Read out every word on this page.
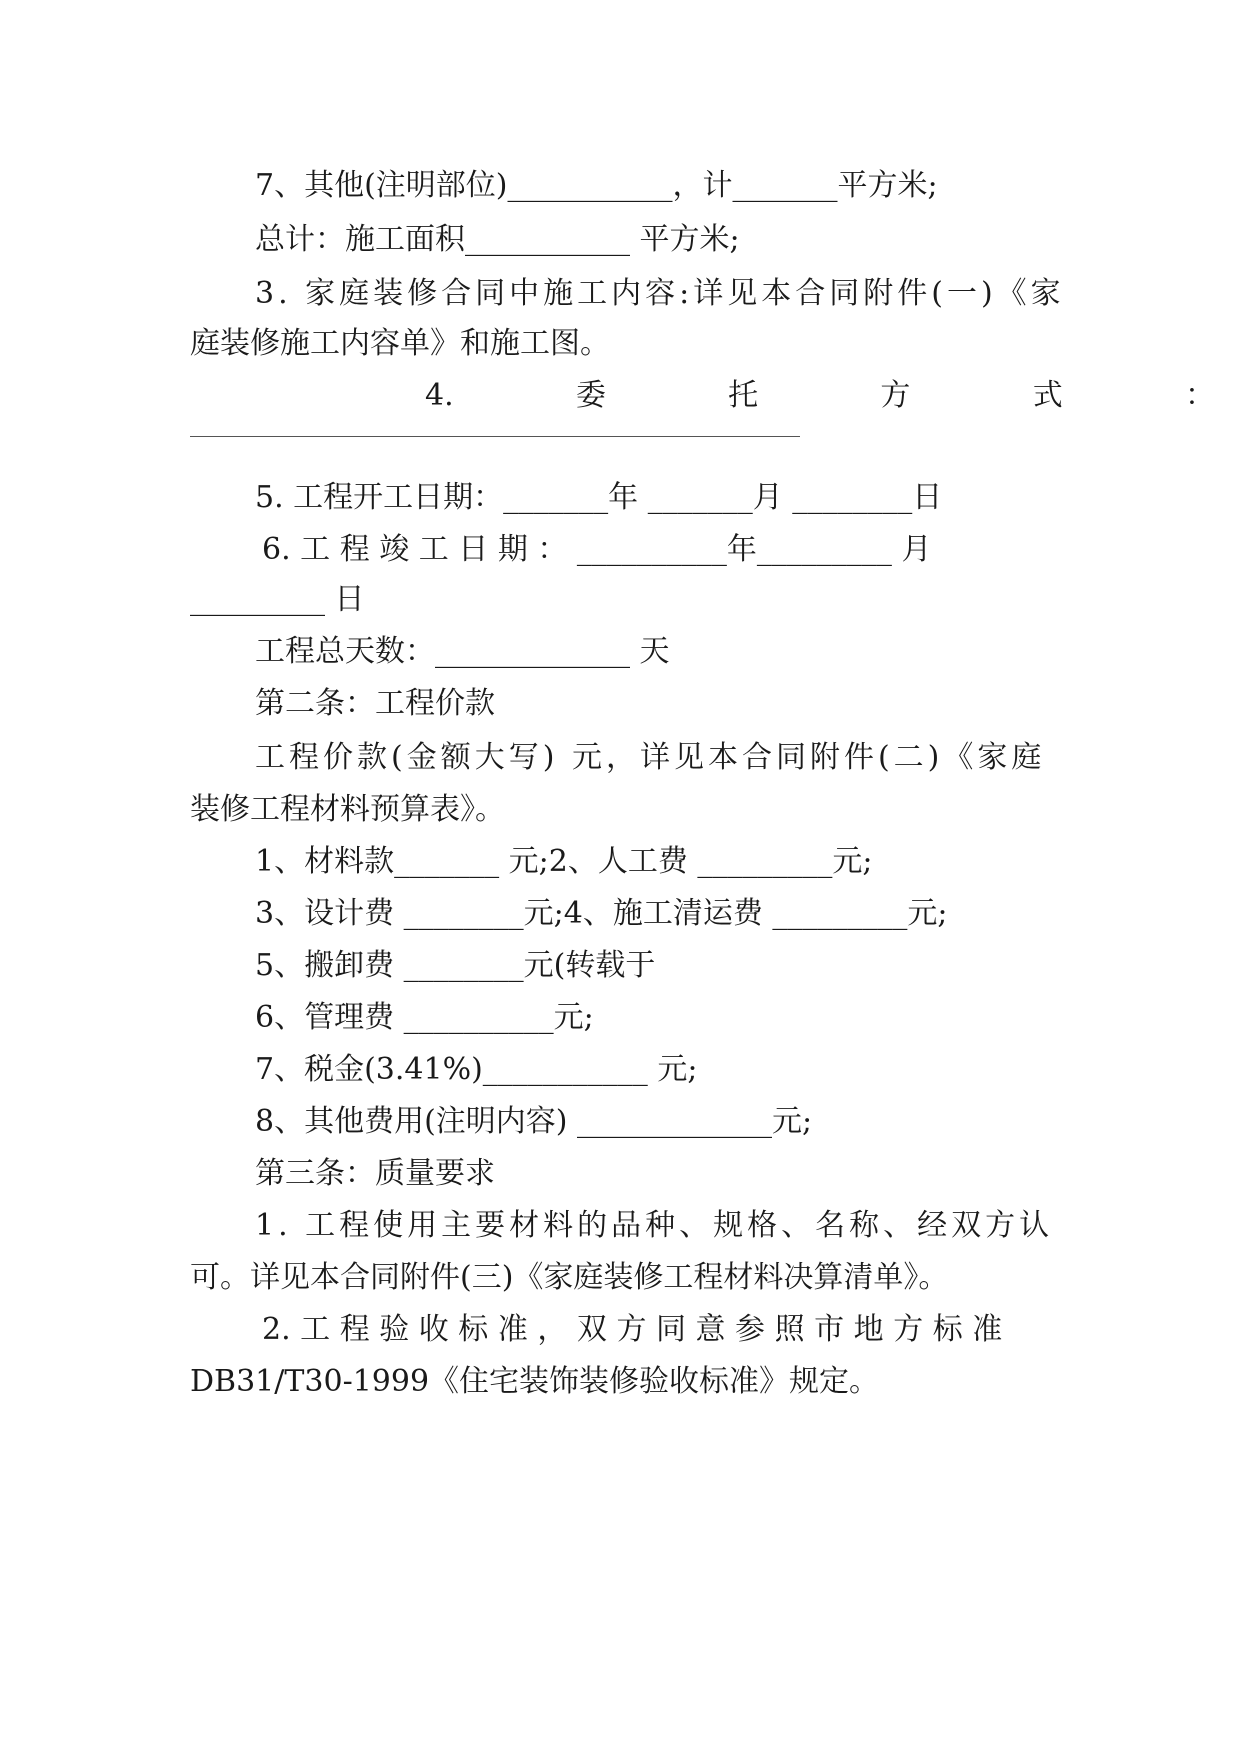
7、其他(注明部位)___________，计_______平方米;
总计：施工面积___________ 平方米;
3. 家庭装修合同中施工内容:详见本合同附件(一)《家
庭装修施工内容单》和施工图。
4.	委	托	方	式	：
5. 工程开工日期：_______年 _______月 ________日
6. 工 程 竣 工 日 期 ： __________年_________ 月
_________ 日
工程总天数：_____________ 天
第二条：工程价款
工程价款(金额大写) 元，详见本合同附件(二)《家庭
装修工程材料预算表》。
1、材料款_______ 元;2、人工费 _________元;
3、设计费 ________元;4、施工清运费 _________元;
5、搬卸费 ________元(转载于
6、管理费 __________元;
7、税金(3.41%)___________ 元;
8、其他费用(注明内容) _____________元;
第三条：质量要求
1. 工程使用主要材料的品种、规格、名称、经双方认
可。详见本合同附件(三)《家庭装修工程材料决算清单》。
2. 工 程 验 收 标 准 ， 双 方 同 意 参 照 市 地 方 标 准
DB31/T30-1999《住宅装饰装修验收标准》规定。
